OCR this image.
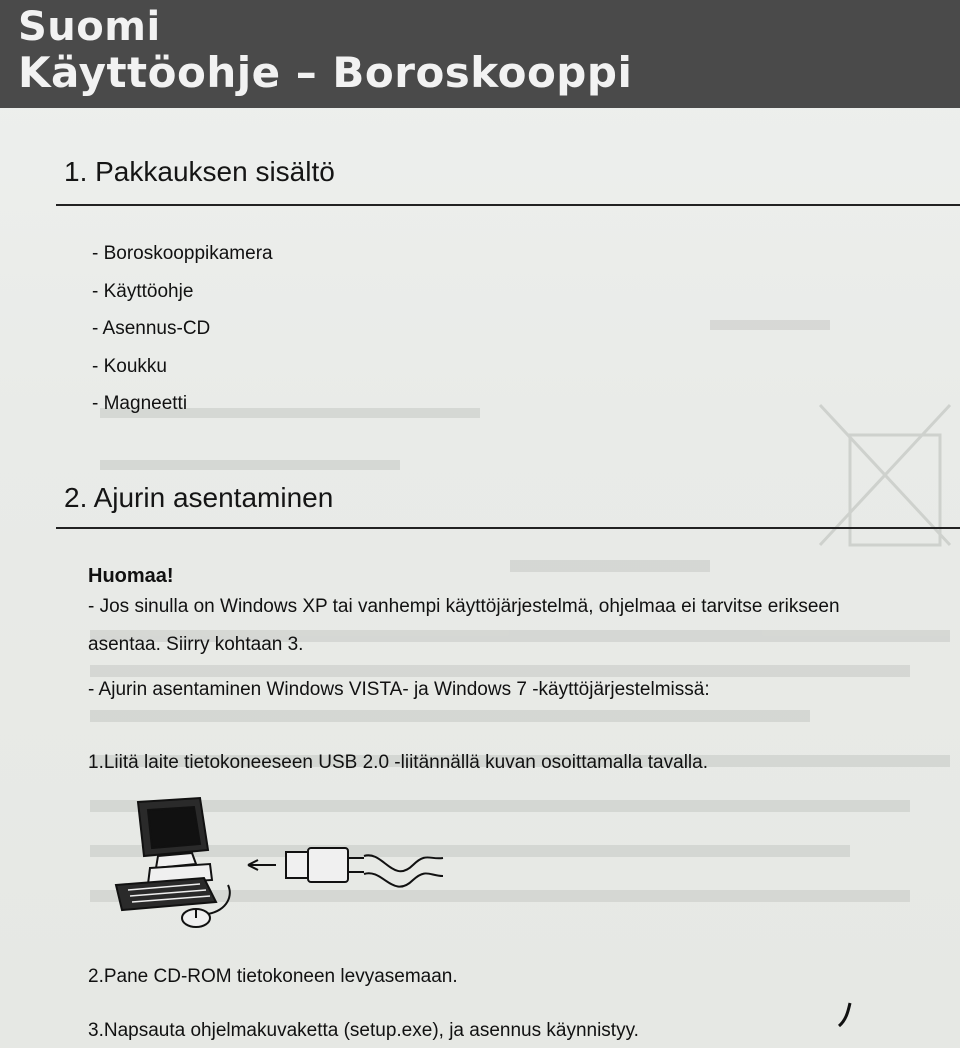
Suomi
Käyttöohje – Boroskooppi
1. Pakkauksen sisältö
- Boroskooppikamera
- Käyttöohje
- Asennus-CD
- Koukku
- Magneetti
2. Ajurin asentaminen
Huomaa!
- Jos sinulla on Windows XP tai vanhempi käyttöjärjestelmä, ohjelmaa ei tarvitse erikseen
asentaa. Siirry kohtaan 3.
- Ajurin asentaminen Windows VISTA- ja Windows 7 -käyttöjärjestelmissä:
1.Liitä laite tietokoneeseen USB 2.0 -liitännällä kuvan osoittamalla tavalla.
2.Pane CD-ROM tietokoneen levyasemaan.
3.Napsauta ohjelmakuvaketta (setup.exe), ja asennus käynnistyy.
